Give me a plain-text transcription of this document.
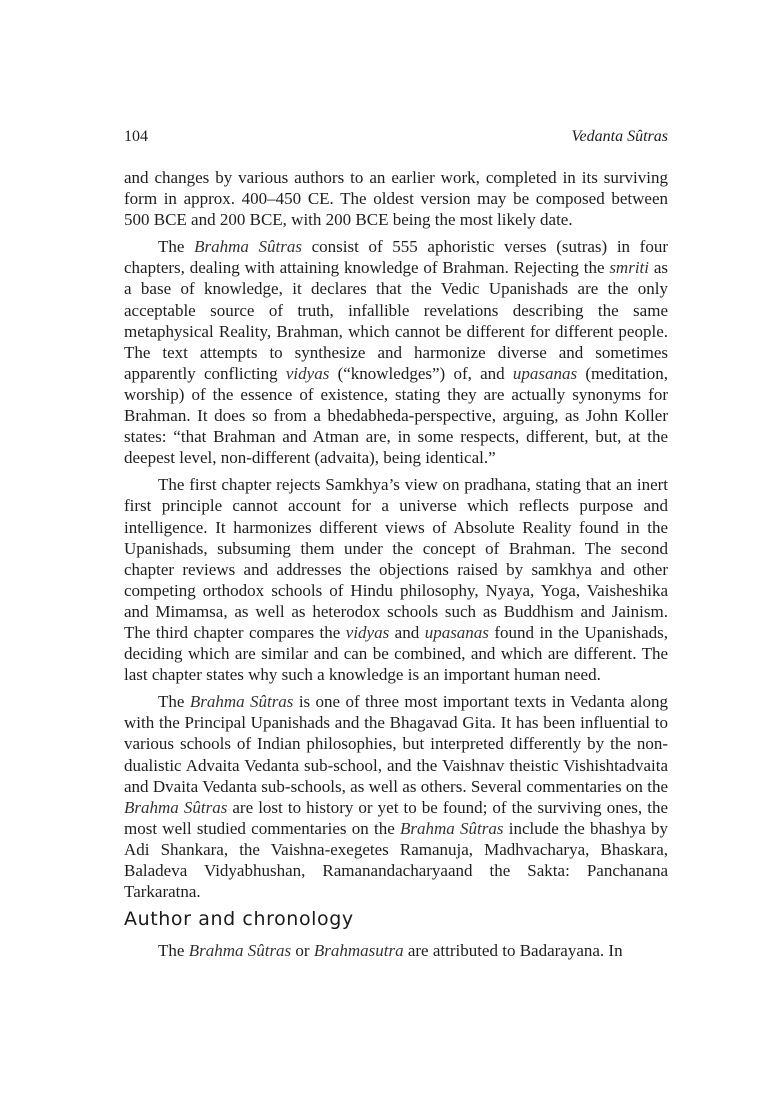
104	Vedanta Sûtras

and changes by various authors to an earlier work, completed in its surviving form in approx. 400–450 CE. The oldest version may be composed between 500 BCE and 200 BCE, with 200 BCE being the most likely date.

The Brahma Sûtras consist of 555 aphoristic verses (sutras) in four chapters, dealing with attaining knowledge of Brahman. Rejecting the smriti as a base of knowledge, it declares that the Vedic Upanishads are the only acceptable source of truth, infallible revelations describing the same metaphysical Reality, Brahman, which cannot be different for different people. The text attempts to synthesize and harmonize diverse and sometimes apparently conflicting vidyas (“knowledges”) of, and upasanas (meditation, worship) of the essence of existence, stating they are actually synonyms for Brahman. It does so from a bhedabheda-perspective, arguing, as John Koller states: “that Brahman and Atman are, in some respects, different, but, at the deepest level, non-different (advaita), being identical.”

The first chapter rejects Samkhya’s view on pradhana, stating that an inert first principle cannot account for a universe which reflects purpose and intelligence. It harmonizes different views of Absolute Reality found in the Upanishads, subsuming them under the concept of Brahman. The second chapter reviews and addresses the objections raised by samkhya and other competing orthodox schools of Hindu philosophy, Nyaya, Yoga, Vaisheshika and Mimamsa, as well as heterodox schools such as Buddhism and Jainism. The third chapter compares the vidyas and upasanas found in the Upanishads, deciding which are similar and can be combined, and which are different. The last chapter states why such a knowledge is an important human need.

The Brahma Sûtras is one of three most important texts in Vedanta along with the Principal Upanishads and the Bhagavad Gita. It has been influential to various schools of Indian philosophies, but interpreted differently by the non-dualistic Advaita Vedanta sub-school, and the Vaishnav theistic Vishishtadvaita and Dvaita Vedanta sub-schools, as well as others. Several commentaries on the Brahma Sûtras are lost to history or yet to be found; of the surviving ones, the most well studied commentaries on the Brahma Sûtras include the bhashya by Adi Shankara, the Vaishna-exegetes Ramanuja, Madhvacharya, Bhaskara, Baladeva Vidyabhushan, Ramanandacharyaand the Sakta: Panchanana Tarkaratna.

Author and chronology

The Brahma Sûtras or Brahmasutra are attributed to Badarayana. In
